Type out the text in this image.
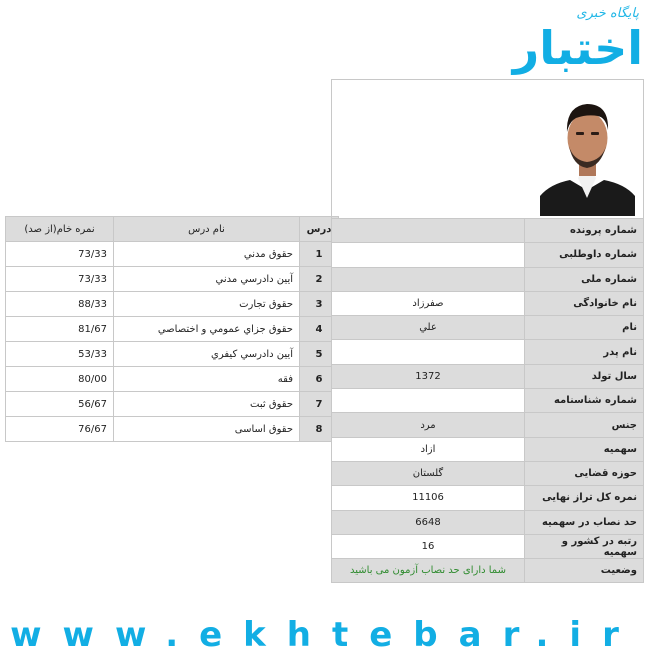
پایگاه خبری
اختبار
درس	نام درس	نمره خام(از صد)
1	حقوق مدني	73/33
2	آيين دادرسي مدني	73/33
3	حقوق تجارت	88/33
4	حقوق جزاي عمومي و اختصاصي	81/67
5	آيين دادرسي كيفري	53/33
6	فقه	80/00
7	حقوق ثبت	56/67
8	حقوق اساسی	76/67
شماره پرونده	
شماره داوطلبی	
شماره ملی	
نام خانوادگی	صفرزاد
نام	علي
نام پدر	
سال تولد	1372
شماره شناسنامه	
جنس	مرد
سهمیه	ازاد
حوزه قضایی	گلستان
نمره کل تراز نهایی	11106
حد نصاب در سهمیه	6648
رتبه در کشور و سهمیه	16
وضعیت	شما دارای حد نصاب آزمون می باشید
www.ekhtebar.ir
